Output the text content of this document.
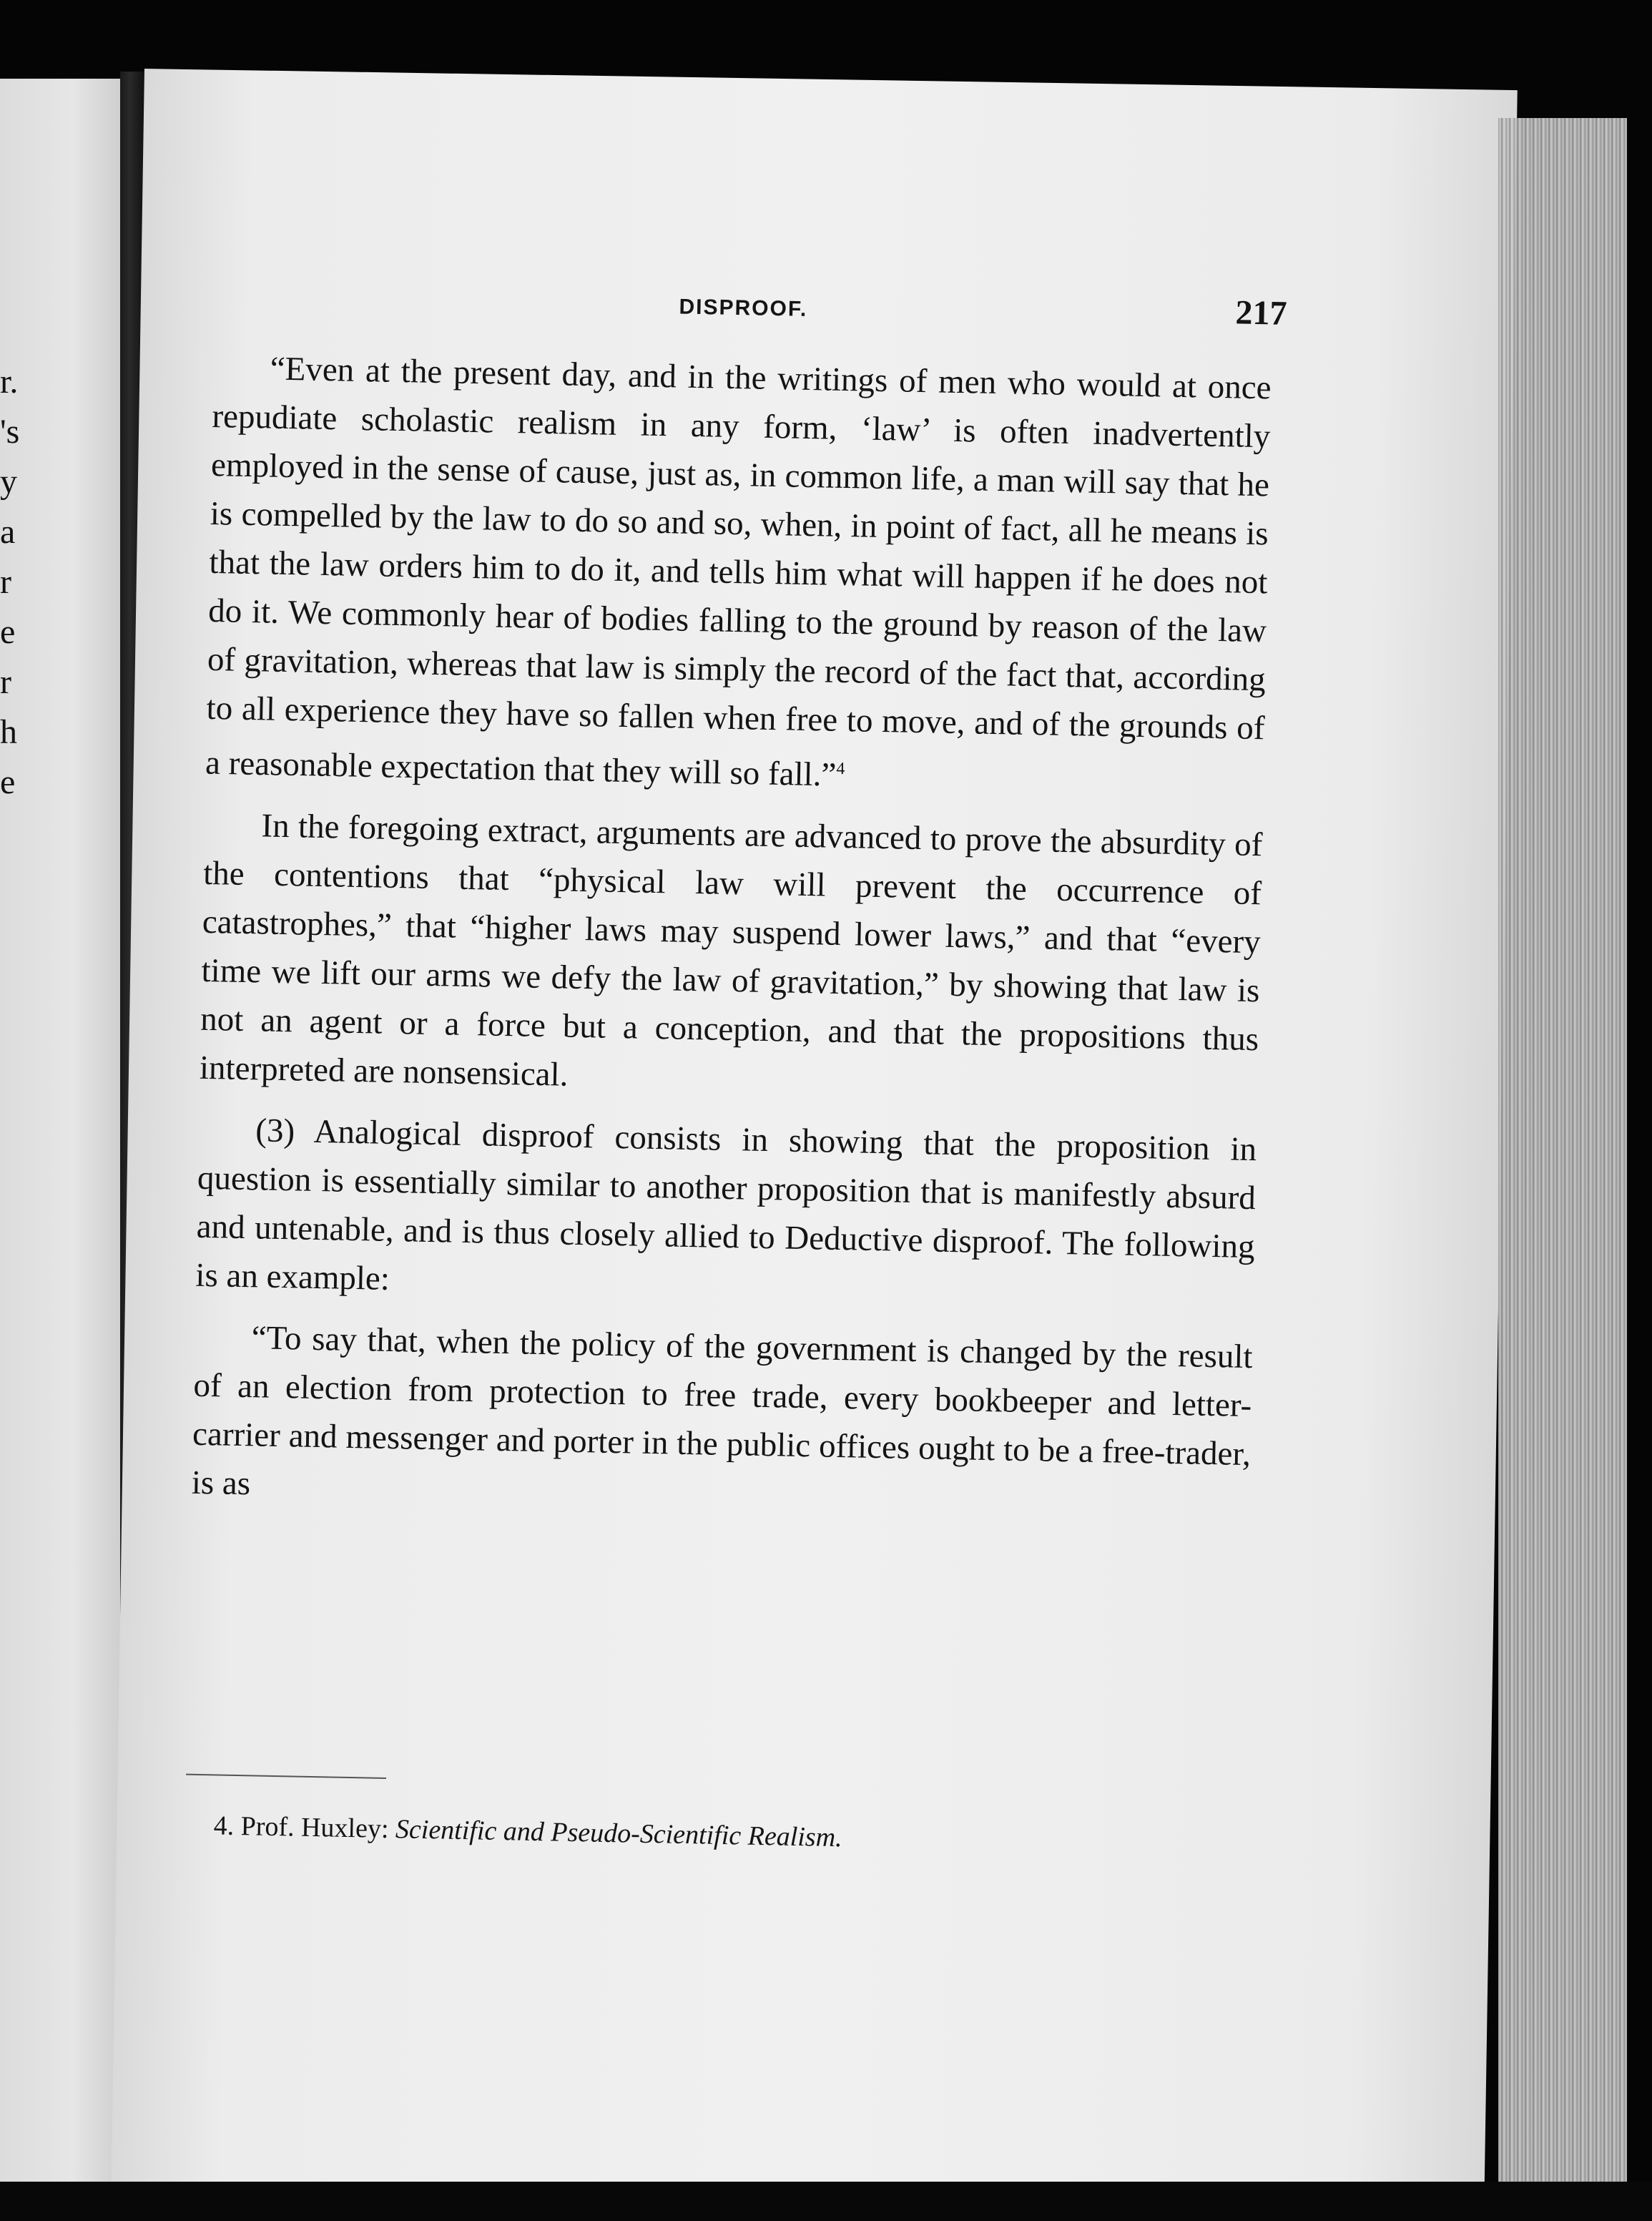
r.
's
y
a
r
e
r
h
e
DISPROOF.	217

“Even at the present day, and in the writings of men who would at once repudiate scholastic realism in any form, ‘law’ is often inadvertently employed in the sense of cause, just as, in common life, a man will say that he is compelled by the law to do so and so, when, in point of fact, all he means is that the law orders him to do it, and tells him what will happen if he does not do it. We commonly hear of bodies falling to the ground by reason of the law of gravitation, whereas that law is simply the record of the fact that, according to all experience they have so fallen when free to move, and of the grounds of a reasonable expectation that they will so fall.”$^4$

In the foregoing extract, arguments are advanced to prove the absurdity of the contentions that “physical law will prevent the occurrence of catastrophes,” that “higher laws may suspend lower laws,” and that “every time we lift our arms we defy the law of gravitation,” by showing that law is not an agent or a force but a conception, and that the propositions thus interpreted are nonsensical.

(3) Analogical disproof consists in showing that the proposition in question is essentially similar to another proposition that is manifestly absurd and untenable, and is thus closely allied to Deductive disproof. The following is an example:

“To say that, when the policy of the government is changed by the result of an election from protection to free trade, every bookbeeper and letter-carrier and messenger and porter in the public offices ought to be a free-trader, is as

4. Prof. Huxley: Scientific and Pseudo-Scientific Realism.
